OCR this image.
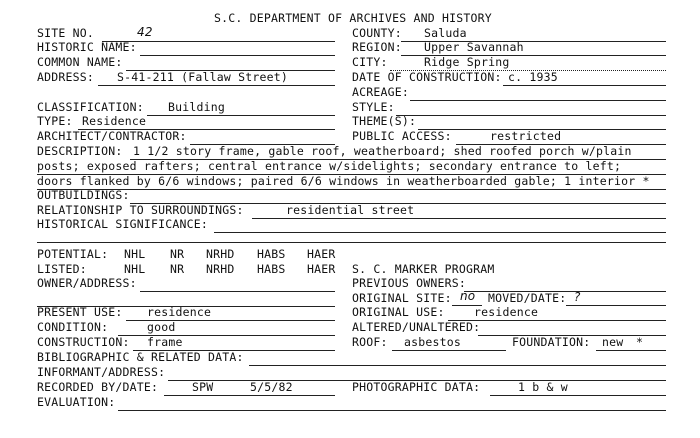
S.C. DEPARTMENT OF ARCHIVES AND HISTORY
SITE NO.	42	COUNTY: Saluda
HISTORIC NAME:	REGION: Upper Savannah
COMMON NAME:	CITY:	Ridge Spring
ADDRESS: S-41-211 (Fallaw Street)	DATE OF CONSTRUCTION: c. 1935
ACREAGE:
CLASSIFICATION: Building	STYLE:
TYPE: Residence	THEME(S):
ARCHITECT/CONTRACTOR:	PUBLIC ACCESS:	restricted
DESCRIPTION: 1 1/2 story frame, gable roof, weatherboard; shed roofed porch w/plain
posts; exposed rafters; central entrance w/sidelights; secondary entrance to left;
doors flanked by 6/6 windows; paired 6/6 windows in weatherboarded gable; 1 interior *
OUTBUILDINGS:
RELATIONSHIP TO SURROUNDINGS:	residential street
HISTORICAL SIGNIFICANCE:
POTENTIAL: NHL NR NRHD HABS HAER
LISTED:	NHL NR NRHD HABS HAER S. C. MARKER PROGRAM
OWNER/ADDRESS:	PREVIOUS OWNERS:
ORIGINAL SITE: no MOVED/DATE: ?
PRESENT USE: residence	ORIGINAL USE:	residence
CONDITION:	good	ALTERED/UNALTERED:
CONSTRUCTION: frame	ROOF: asbestos	FOUNDATION: new *
BIBLIOGRAPHIC & RELATED DATA:
INFORMANT/ADDRESS:
RECORDED BY/DATE:	SPW	5/5/82	PHOTOGRAPHIC DATA:	1 b & w
EVALUATION:
